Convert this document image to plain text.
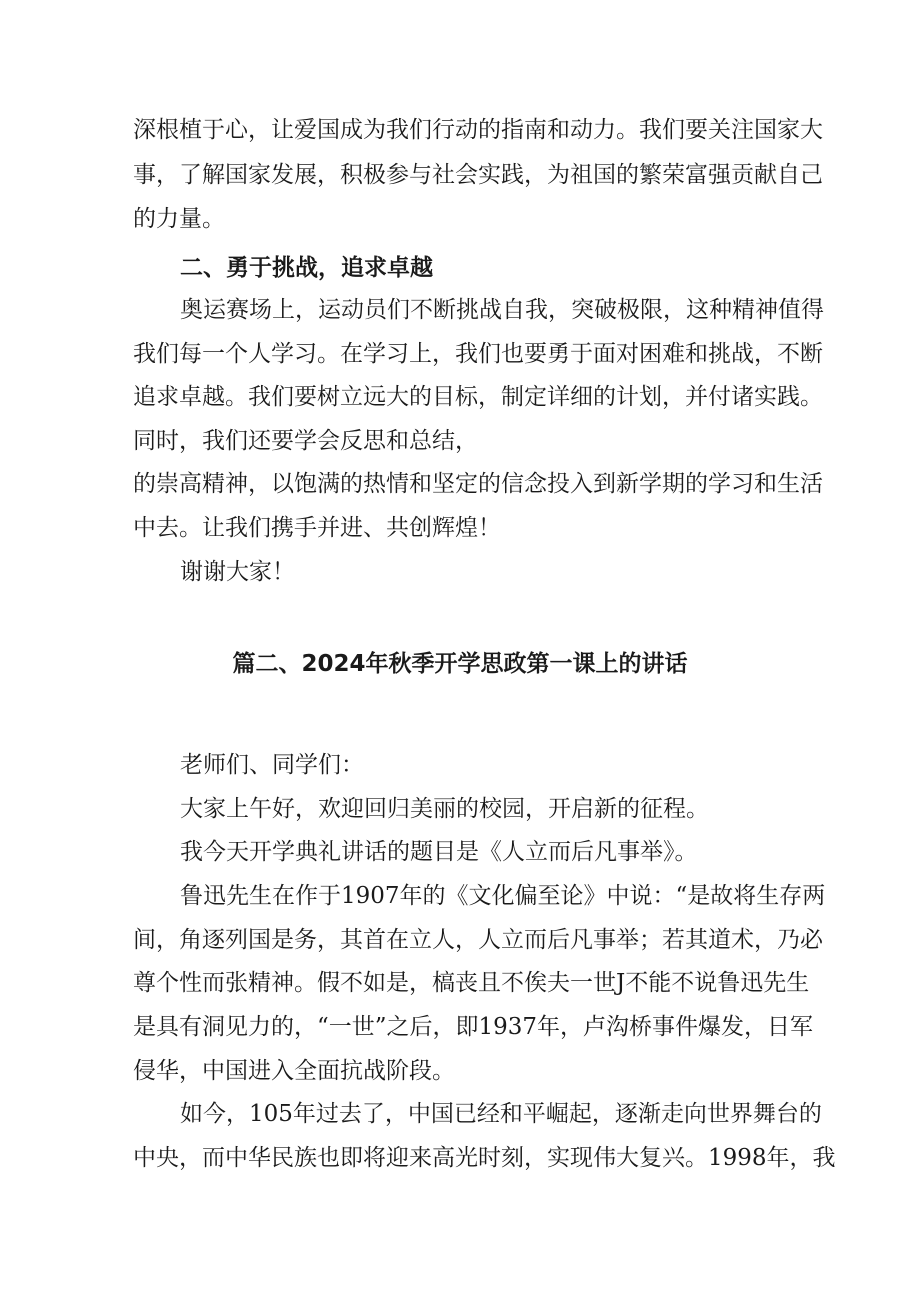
深根植于心，让爱国成为我们行动的指南和动力。我们要关注国家大
事，了解国家发展，积极参与社会实践，为祖国的繁荣富强贡献自己
的力量。
二、勇于挑战，追求卓越
奥运赛场上，运动员们不断挑战自我，突破极限，这种精神值得
我们每一个人学习。在学习上，我们也要勇于面对困难和挑战，不断
追求卓越。我们要树立远大的目标，制定详细的计划，并付诸实践。
同时，我们还要学会反思和总结，
的崇高精神，以饱满的热情和坚定的信念投入到新学期的学习和生活
中去。让我们携手并进、共创辉煌！
谢谢大家！
篇二、2024年秋季开学思政第一课上的讲话
老师们、同学们：
大家上午好，欢迎回归美丽的校园，开启新的征程。
我今天开学典礼讲话的题目是《人立而后凡事举》。
鲁迅先生在作于1907年的《文化偏至论》中说：“是故将生存两
间，角逐列国是务，其首在立人，人立而后凡事举；若其道术，乃必
尊个性而张精神。假不如是，槁丧且不俟夫一世J不能不说鲁迅先生
是具有洞见力的，“一世”之后，即1937年，卢沟桥事件爆发，日军
侵华，中国进入全面抗战阶段。
如今，105年过去了，中国已经和平崛起，逐渐走向世界舞台的
中央，而中华民族也即将迎来高光时刻，实现伟大复兴。1998年，我
